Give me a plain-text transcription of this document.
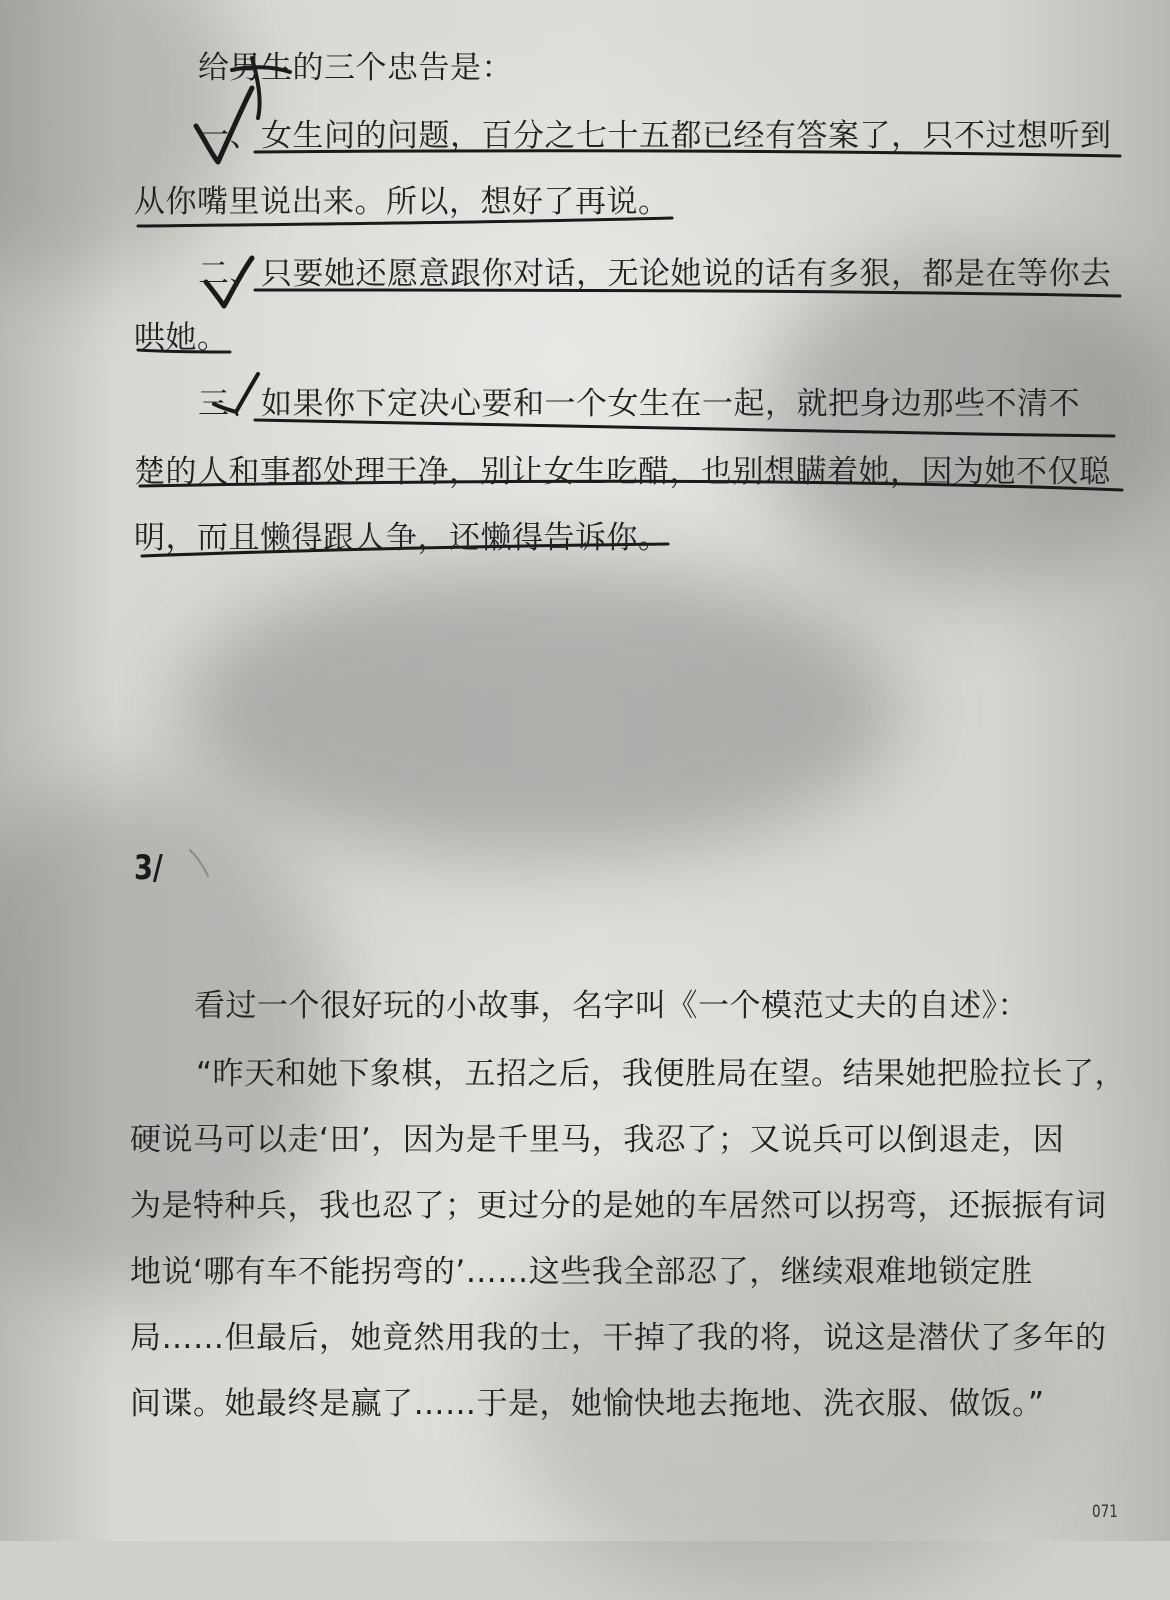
给男生的三个忠告是：
一、女生问的问题，百分之七十五都已经有答案了，只不过想听到
从你嘴里说出来。所以，想好了再说。
二、只要她还愿意跟你对话，无论她说的话有多狠，都是在等你去
哄她。
三、如果你下定决心要和一个女生在一起，就把身边那些不清不
楚的人和事都处理干净，别让女生吃醋，也别想瞒着她，因为她不仅聪
明，而且懒得跟人争，还懒得告诉你。
3/
看过一个很好玩的小故事，名字叫《一个模范丈夫的自述》：
“昨天和她下象棋，五招之后，我便胜局在望。结果她把脸拉长了，
硬说马可以走‘田’，因为是千里马，我忍了；又说兵可以倒退走，因
为是特种兵，我也忍了；更过分的是她的车居然可以拐弯，还振振有词
地说‘哪有车不能拐弯的’……这些我全部忍了，继续艰难地锁定胜
局……但最后，她竟然用我的士，干掉了我的将，说这是潜伏了多年的
间谍。她最终是赢了……于是，她愉快地去拖地、洗衣服、做饭。”
071
